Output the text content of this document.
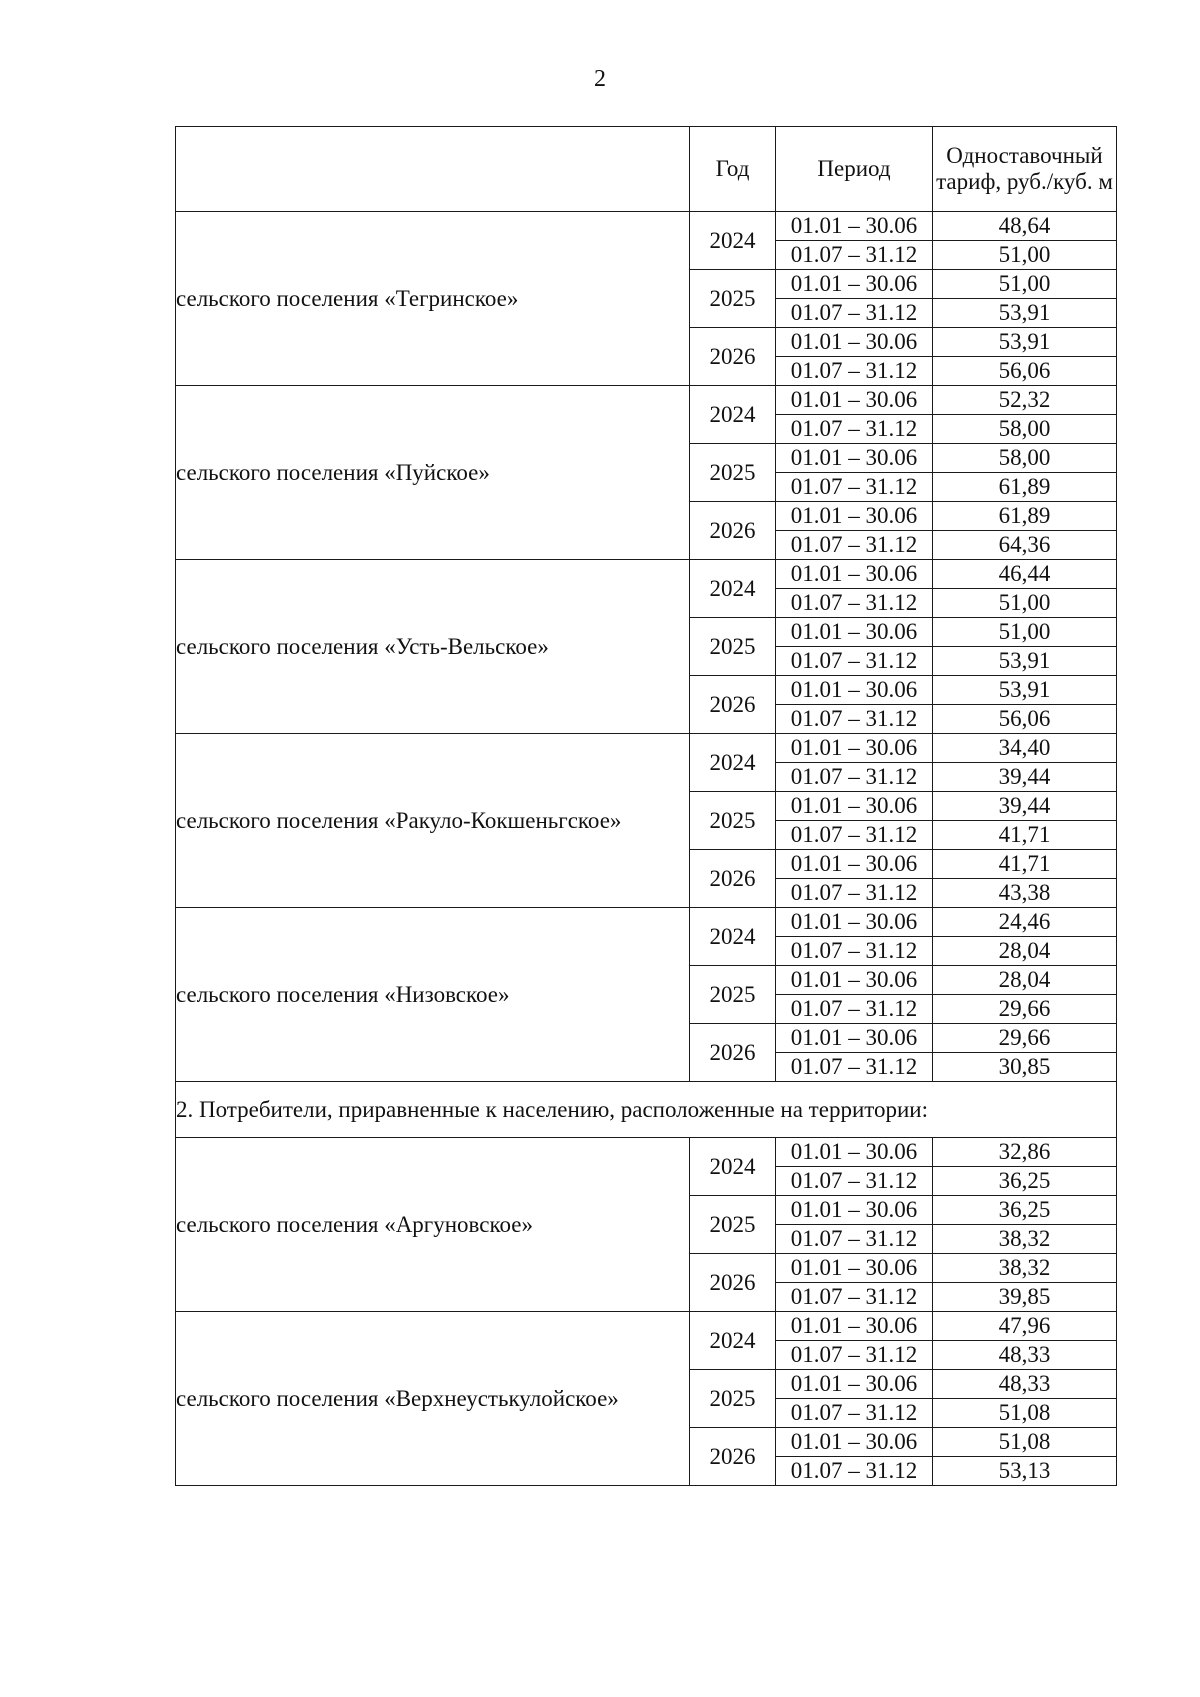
2
	Год	Период	Одноставочный тариф, руб./куб. м
сельского поселения «Тегринское»	2024	01.01 – 30.06	48,64
		01.07 – 31.12	51,00
	2025	01.01 – 30.06	51,00
		01.07 – 31.12	53,91
	2026	01.01 – 30.06	53,91
		01.07 – 31.12	56,06
сельского поселения «Пуйское»	2024	01.01 – 30.06	52,32
		01.07 – 31.12	58,00
	2025	01.01 – 30.06	58,00
		01.07 – 31.12	61,89
	2026	01.01 – 30.06	61,89
		01.07 – 31.12	64,36
сельского поселения «Усть-Вельское»	2024	01.01 – 30.06	46,44
		01.07 – 31.12	51,00
	2025	01.01 – 30.06	51,00
		01.07 – 31.12	53,91
	2026	01.01 – 30.06	53,91
		01.07 – 31.12	56,06
сельского поселения «Ракуло-Кокшеньгское»	2024	01.01 – 30.06	34,40
		01.07 – 31.12	39,44
	2025	01.01 – 30.06	39,44
		01.07 – 31.12	41,71
	2026	01.01 – 30.06	41,71
		01.07 – 31.12	43,38
сельского поселения «Низовское»	2024	01.01 – 30.06	24,46
		01.07 – 31.12	28,04
	2025	01.01 – 30.06	28,04
		01.07 – 31.12	29,66
	2026	01.01 – 30.06	29,66
		01.07 – 31.12	30,85
2. Потребители, приравненные к населению, расположенные на территории:			
сельского поселения «Аргуновское»	2024	01.01 – 30.06	32,86
		01.07 – 31.12	36,25
	2025	01.01 – 30.06	36,25
		01.07 – 31.12	38,32
	2026	01.01 – 30.06	38,32
		01.07 – 31.12	39,85
сельского поселения «Верхнеустькулойское»	2024	01.01 – 30.06	47,96
		01.07 – 31.12	48,33
	2025	01.01 – 30.06	48,33
		01.07 – 31.12	51,08
	2026	01.01 – 30.06	51,08
		01.07 – 31.12	53,13
